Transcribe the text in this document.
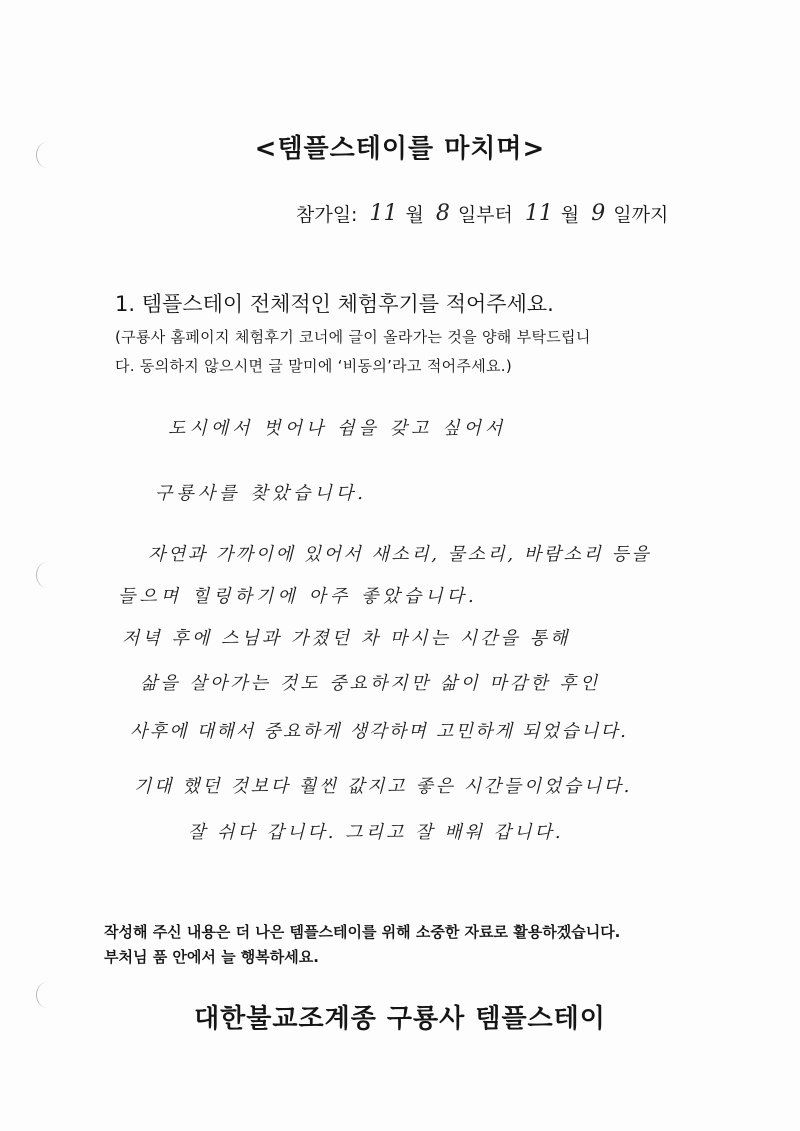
<템플스테이를 마치며>
참가일: 11 월 8 일부터 11 월 9 일까지
1. 템플스테이 전체적인 체험후기를 적어주세요.
(구룡사 홈페이지 체험후기 코너에 글이 올라가는 것을 양해 부탁드립니
다. 동의하지 않으시면 글 말미에 ‘비동의’라고 적어주세요.)
도시에서 벗어나 쉼을 갖고 싶어서
구룡사를 찾았습니다.
자연과 가까이에 있어서 새소리, 물소리, 바람소리 등을
들으며 힐링하기에 아주 좋았습니다.
저녁 후에 스님과 가졌던 차 마시는 시간을 통해
삶을 살아가는 것도 중요하지만 삶이 마감한 후인
사후에 대해서 중요하게 생각하며 고민하게 되었습니다.
기대 했던 것보다 훨씬 값지고 좋은 시간들이었습니다.
잘 쉬다 갑니다. 그리고 잘 배워 갑니다.
작성해 주신 내용은 더 나은 템플스테이를 위해 소중한 자료로 활용하겠습니다.
부처님 품 안에서 늘 행복하세요.
대한불교조계종 구룡사 템플스테이
